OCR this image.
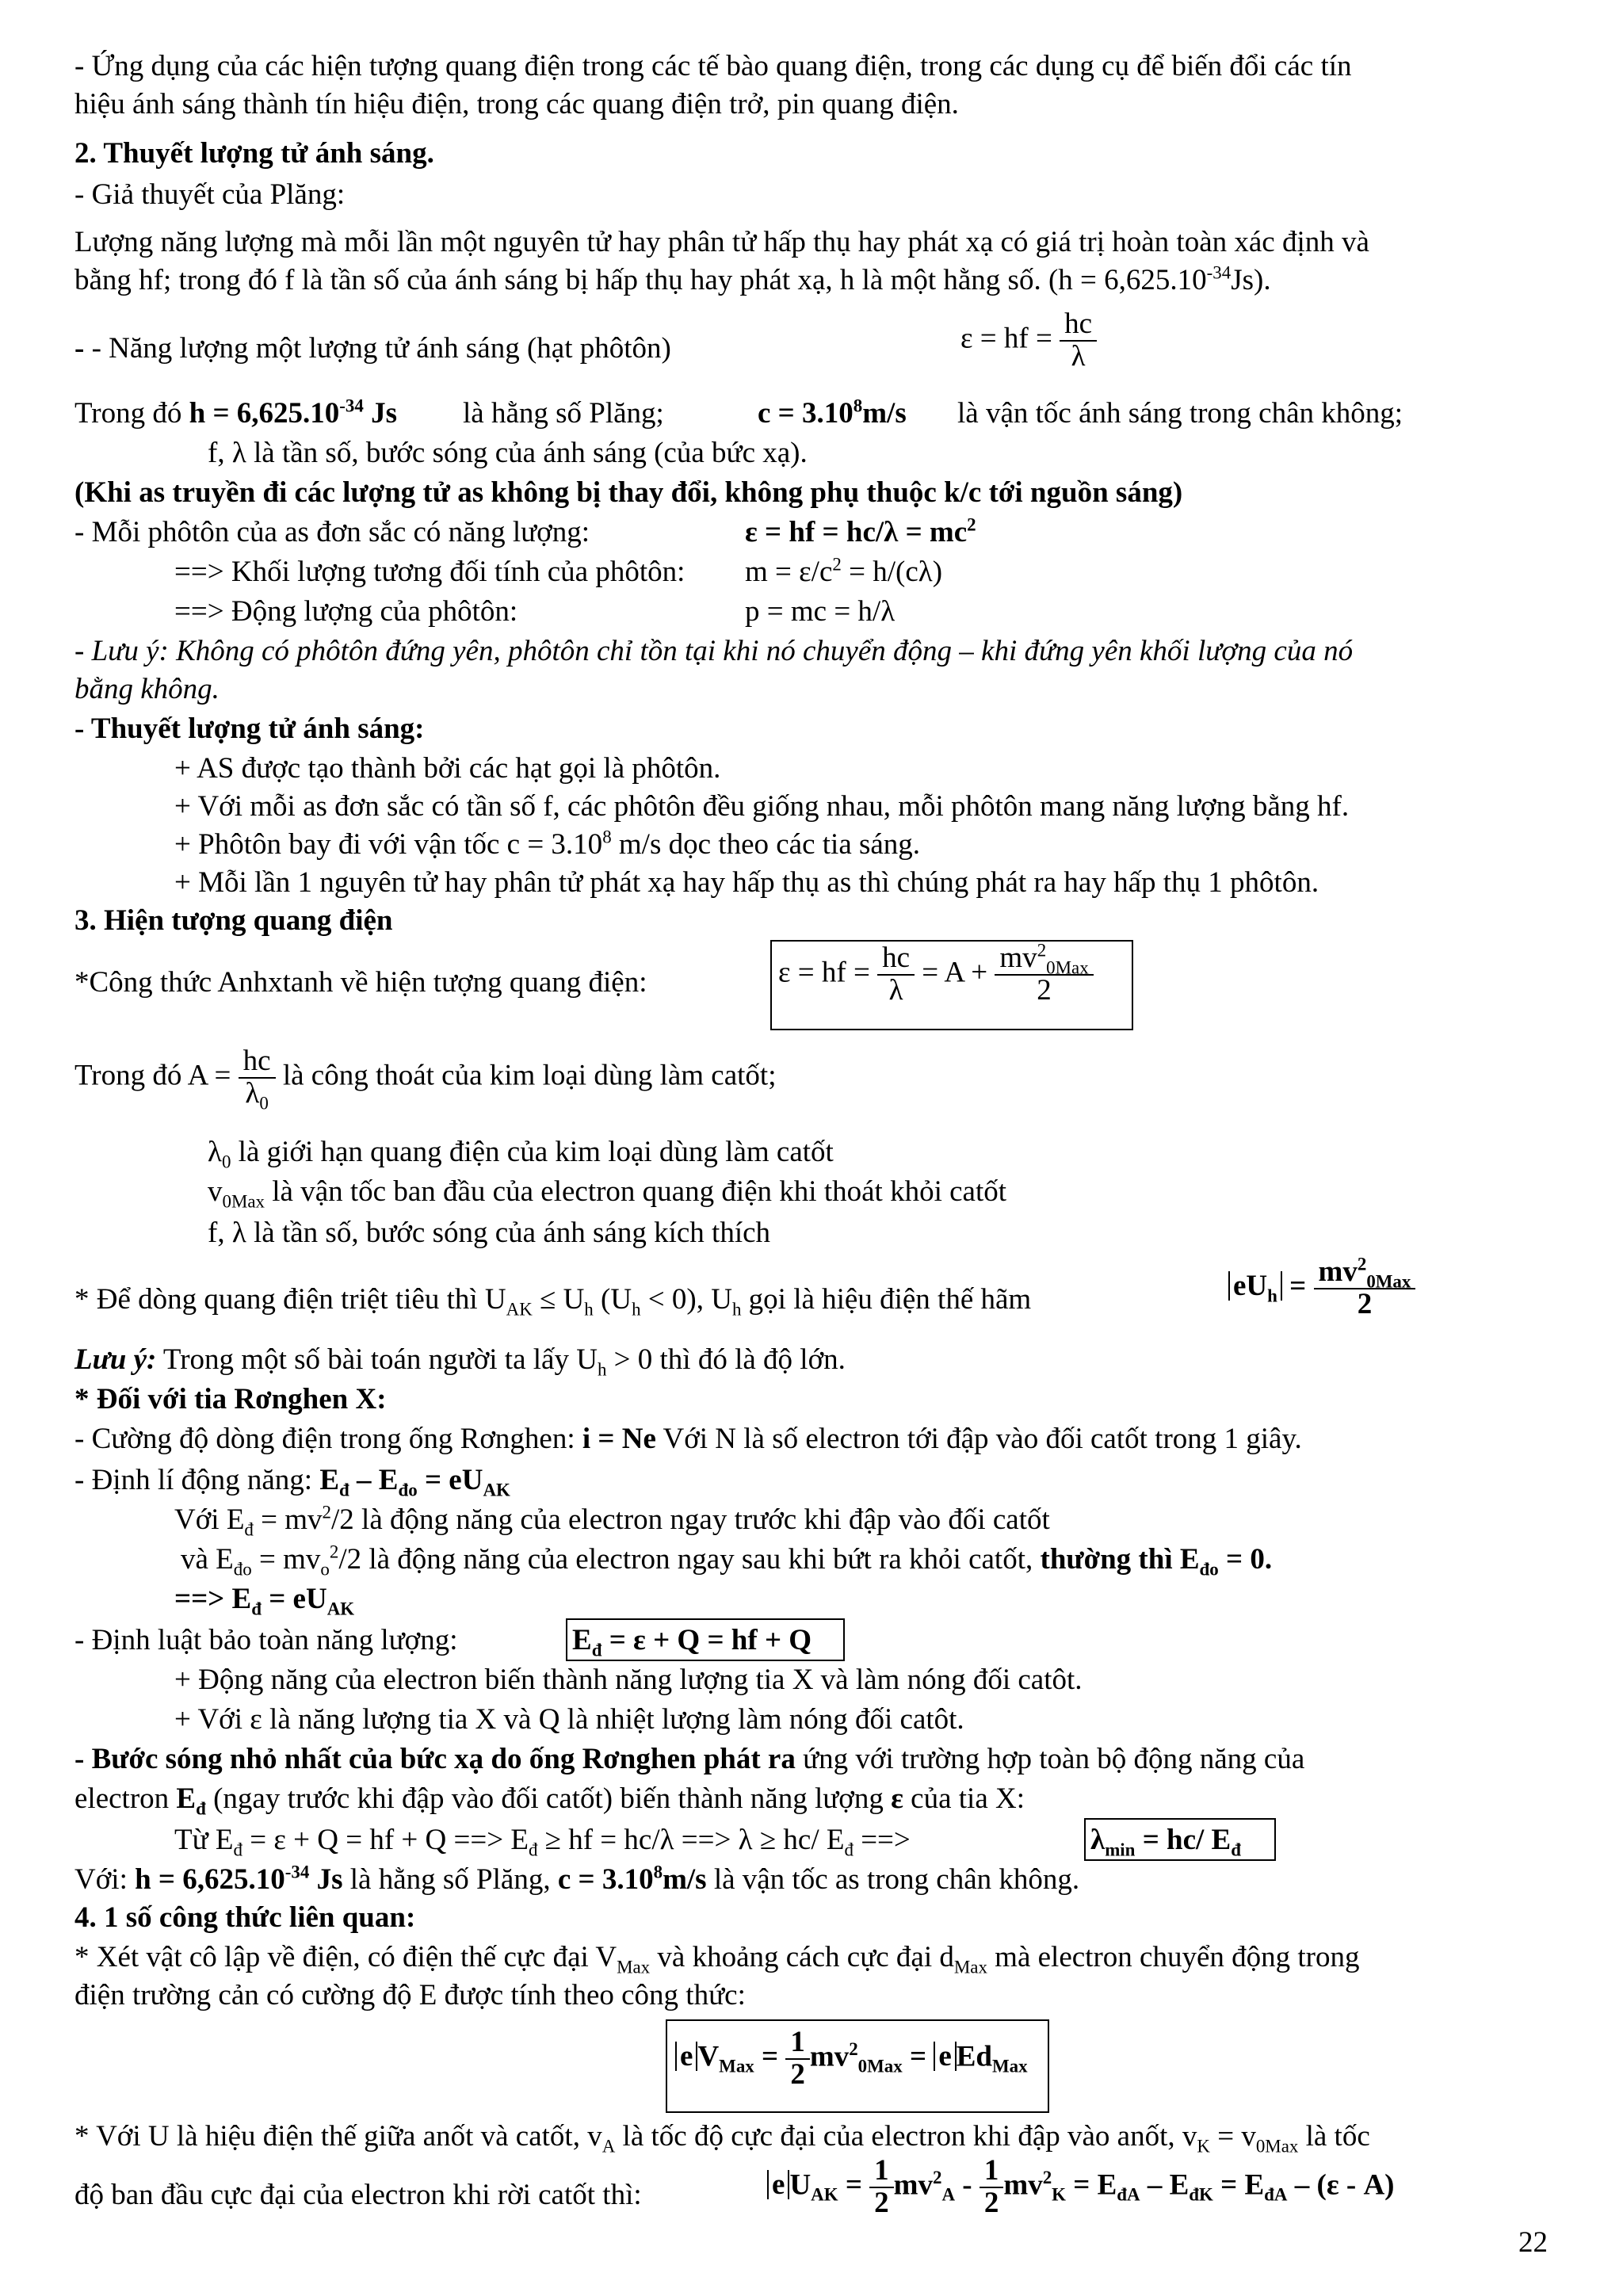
- Ứng dụng của các hiện tượng quang điện trong các tế bào quang điện, trong các dụng cụ để biến đổi các tín
hiệu ánh sáng thành tín hiệu điện, trong các quang điện trở, pin quang điện.
2. Thuyết lượng tử ánh sáng.
- Giả thuyết của Plăng:
Lượng năng lượng mà mỗi lần một nguyên tử hay phân tử hấp thụ hay phát xạ có giá trị hoàn toàn xác định và
bằng hf; trong đó f là tần số của ánh sáng bị hấp thụ hay phát xạ, h là một hằng số. $(h = 6,625.10^{-34}Js)$.
- - Năng lượng một lượng tử ánh sáng (hạt phôtôn)	ε = hf = $\frac{hc}{\lambda}$
Trong đó $h = 6,625.10^{-34}$ Js là hằng số Plăng;	$c = 3.10^8m/s$ là vận tốc ánh sáng trong chân không;
f, λ là tần số, bước sóng của ánh sáng (của bức xạ).
(Khi as truyền đi các lượng tử as không bị thay đổi, không phụ thuộc k/c tới nguồn sáng)
- Mỗi phôtôn của as đơn sắc có năng lượng:	ε = hf = $hc/\lambda = mc^2$
==> Khối lượng tương đối tính của phôtôn: $m = \varepsilon/c^2 = h/(c\lambda)$
==> Động lượng của phôtôn:	p = mc = h/λ
- Lưu ý: Không có phôtôn đứng yên, phôtôn chỉ tồn tại khi nó chuyển động – khi đứng yên khối lượng của nó
bằng không.
- Thuyết lượng tử ánh sáng:
+ AS được tạo thành bởi các hạt gọi là phôtôn.
+ Với mỗi as đơn sắc có tần số f, các phôtôn đều giống nhau, mỗi phôtôn mang năng lượng bằng hf.
+ Phôtôn bay đi với vận tốc $c = 3.10^8$ m/s dọc theo các tia sáng.
+ Mỗi lần 1 nguyên tử hay phân tử phát xạ hay hấp thụ as thì chúng phát ra hay hấp thụ 1 phôtôn.
3. Hiện tượng quang điện
*Công thức Anhxtanh về hiện tượng quang điện:	ε = hf = $\frac{hc}{\lambda} = A + \frac{mv^2_{0Max}}{2}$
Trong đó $A = \frac{hc}{\lambda_0}$ là công thoát của kim loại dùng làm catốt;
$\lambda_0$ là giới hạn quang điện của kim loại dùng làm catốt
$v_{0Max}$ là vận tốc ban đầu của electron quang điện khi thoát khỏi catốt
f, λ là tần số, bước sóng của ánh sáng kích thích
* Để dòng quang điện triệt tiêu thì $U_{AK} \le U_h$ $(U_h < 0)$, $U_h$ gọi là hiệu điện thế hãm	$eU_h = \frac{mv^2_{0Max}}{2}$
Lưu ý: Trong một số bài toán người ta lấy $U_h > 0$ thì đó là độ lớn.
* Đối với tia Rơnghen X:
- Cường độ dòng điện trong ống Rơnghen: i = Ne Với N là số electron tới đập vào đối catốt trong 1 giây.
- Định lí động năng: $E_đ - E_{đo} = eU_{AK}$
Với $E_đ = mv^2/2$ là động năng của electron ngay trước khi đập vào đối catốt
và $E_{đo} = mv_o^2/2$ là động năng của electron ngay sau khi bứt ra khỏi catốt, thường thì $E_{đo} = 0$.
==> $E_đ = eU_{AK}$
- Định luật bảo toàn năng lượng:	$E_đ = \varepsilon + Q$ = hf + Q
+ Động năng của electron biến thành năng lượng tia X và làm nóng đối catôt.
+ Với ε là năng lượng tia X và Q là nhiệt lượng làm nóng đối catôt.
- Bước sóng nhỏ nhất của bức xạ do ống Rơnghen phát ra ứng với trường hợp toàn bộ động năng của
electron $E_đ$ (ngay trước khi đập vào đối catốt) biến thành năng lượng ε của tia X:
Từ $E_đ = \varepsilon + Q$ = hf + Q ==> $E_đ$ ≥ hf = hc/λ ==> λ ≥ hc/ $E_đ$ ==>	$\lambda_{min} = hc/$ $E_đ$
Với: $h = 6,625.10^{-34}$ Js là hằng số Plăng, $c = 3.10^8m/s$ là vận tốc as trong chân không.
4. 1 số công thức liên quan:
* Xét vật cô lập về điện, có điện thế cực đại $V_{Max}$ và khoảng cách cực đại $d_{Max}$ mà electron chuyển động trong
điện trường cản có cường độ E được tính theo công thức:
e $V_{Max} = \frac{1}{2} mv^2_{0Max} = e$ $Ed_{Max}$
* Với U là hiệu điện thế giữa anốt và catốt, $v_A$ là tốc độ cực đại của electron khi đập vào anốt, $v_K = v_{0Max}$ là tốc
độ ban đầu cực đại của electron khi rời catốt thì:	e $U_{AK} = \frac{1}{2} mv^2_A - \frac{1}{2} mv^2_K = E_{đA} - E_{đK} = E_{đA} - (\varepsilon - A)$
22
